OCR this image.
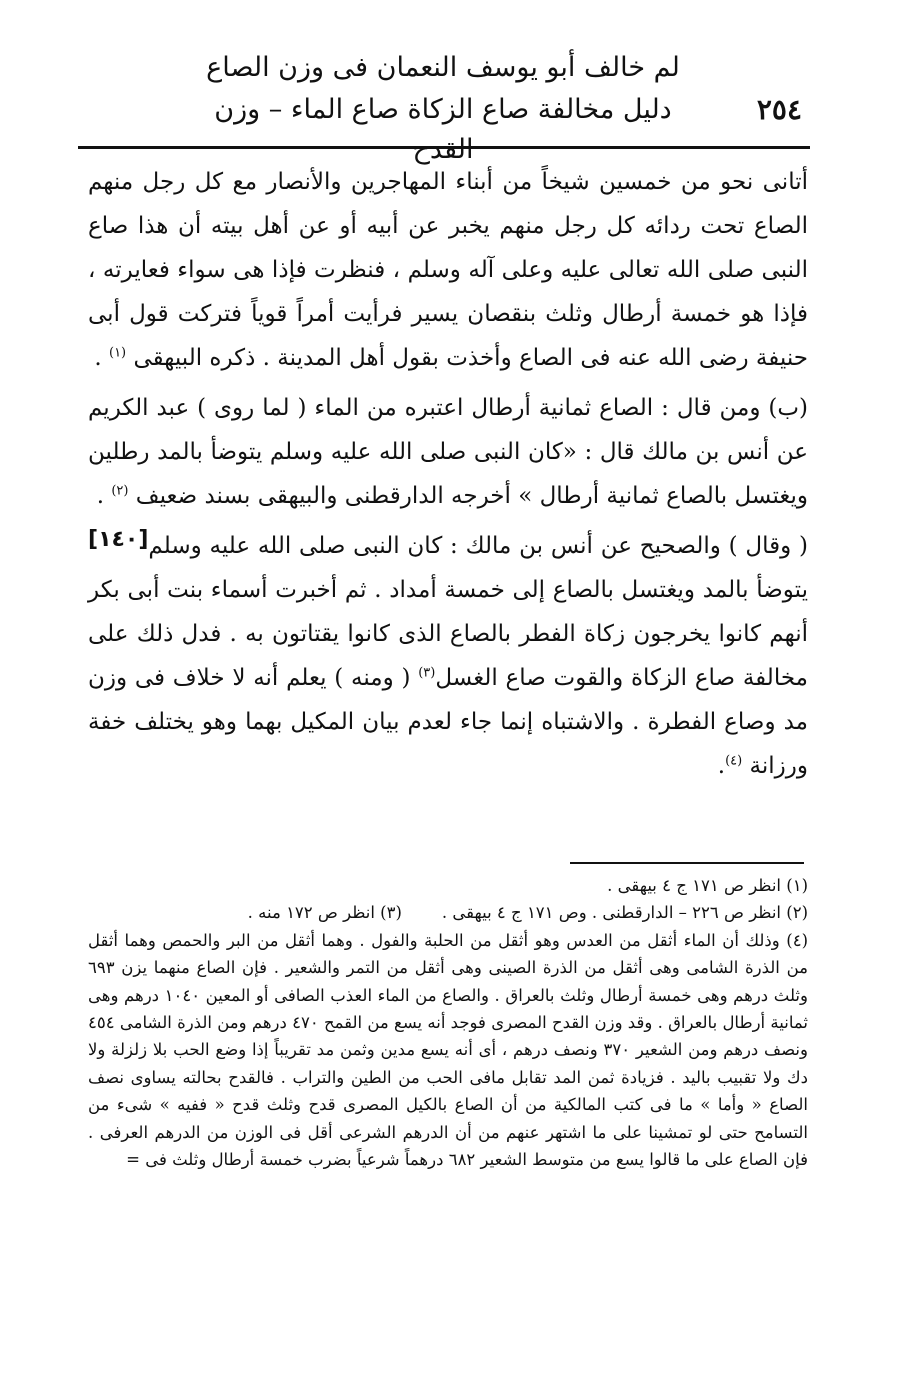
لم خالف أبو يوسف النعمان فى وزن الصاع
دليل مخالفة صاع الزكاة صاع الماء – وزن القدح
٢٥٤

أتانى نحو من خمسين شيخاً من أبناء المهاجرين والأنصار مع كل رجل منهم الصاع تحت ردائه كل رجل منهم يخبر عن أبيه أو عن أهل بيته أن هذا صاع النبى صلى الله تعالى عليه وعلى آله وسلم ، فنظرت فإذا هى سواء فعايرته ، فإذا هو خمسة أرطال وثلث بنقصان يسير فرأيت أمراً قوياً فتركت قول أبى حنيفة رضى الله عنه فى الصاع وأخذت بقول أهل المدينة . ذكره البيهقى $^{(١)}$ .

(ب) ومن قال : الصاع ثمانية أرطال اعتبره من الماء ( لما روى ) عبد الكريم عن أنس بن مالك قال : «كان النبى صلى الله عليه وسلم يتوضأ بالمد رطلين ويغتسل بالصاع ثمانية أرطال » أخرجه الدارقطنى والبيهقى بسند ضعيف $^{(٢)}$ .
[١٤٠] ( وقال ) والصحيح عن أنس بن مالك : كان النبى صلى الله عليه وسلم يتوضأ بالمد ويغتسل بالصاع إلى خمسة أمداد . ثم أخبرت أسماء بنت أبى بكر أنهم كانوا يخرجون زكاة الفطر بالصاع الذى كانوا يقتاتون به . فدل ذلك على مخالفة صاع الزكاة والقوت صاع الغسل$^{(٣)}$ ( ومنه ) يعلم أنه لا خلاف فى وزن مد وصاع الفطرة . والاشتباه إنما جاء لعدم بيان المكيل بهما وهو يختلف خفة ورزانة $^{(٤)}$.

(١) انظر ص ١٧١ ج ٤ بيهقى .

(٢) انظر ص ٢٢٦ – الدارقطنى . وص ١٧١ ج ٤ بيهقى .
(٣) انظر ص ١٧٢ منه .

(٤) وذلك أن الماء أثقل من العدس وهو أثقل من الحلبة والفول . وهما أثقل من البر والحمص وهما أثقل من الذرة الشامى وهى أثقل من الذرة الصينى وهى أثقل من التمر والشعير . فإن الصاع منهما يزن ٦٩٣ وثلث درهم وهى خمسة أرطال وثلث بالعراق . والصاع من الماء العذب الصافى أو المعين ١٠٤٠ درهم وهى ثمانية أرطال بالعراق . وقد وزن القدح المصرى فوجد أنه يسع من القمح ٤٧٠ درهم ومن الذرة الشامى ٤٥٤ ونصف درهم ومن الشعير ٣٧٠ ونصف درهم ، أى أنه يسع مدين وثمن مد تقريباً إذا وضع الحب بلا زلزلة ولا دك ولا تقبيب باليد . فزيادة ثمن المد تقابل مافى الحب من الطين والتراب . فالقدح بحالته يساوى نصف الصاع « وأما » ما فى كتب المالكية من أن الصاع بالكيل المصرى قدح وثلث قدح « ففيه » شىء من التسامح حتى لو تمشينا على ما اشتهر عنهم من أن الدرهم الشرعى أقل فى الوزن من الدرهم العرفى . فإن الصاع على ما قالوا يسع من متوسط الشعير ٦٨٢ درهماً شرعياً بضرب خمسة أرطال وثلث فى =
